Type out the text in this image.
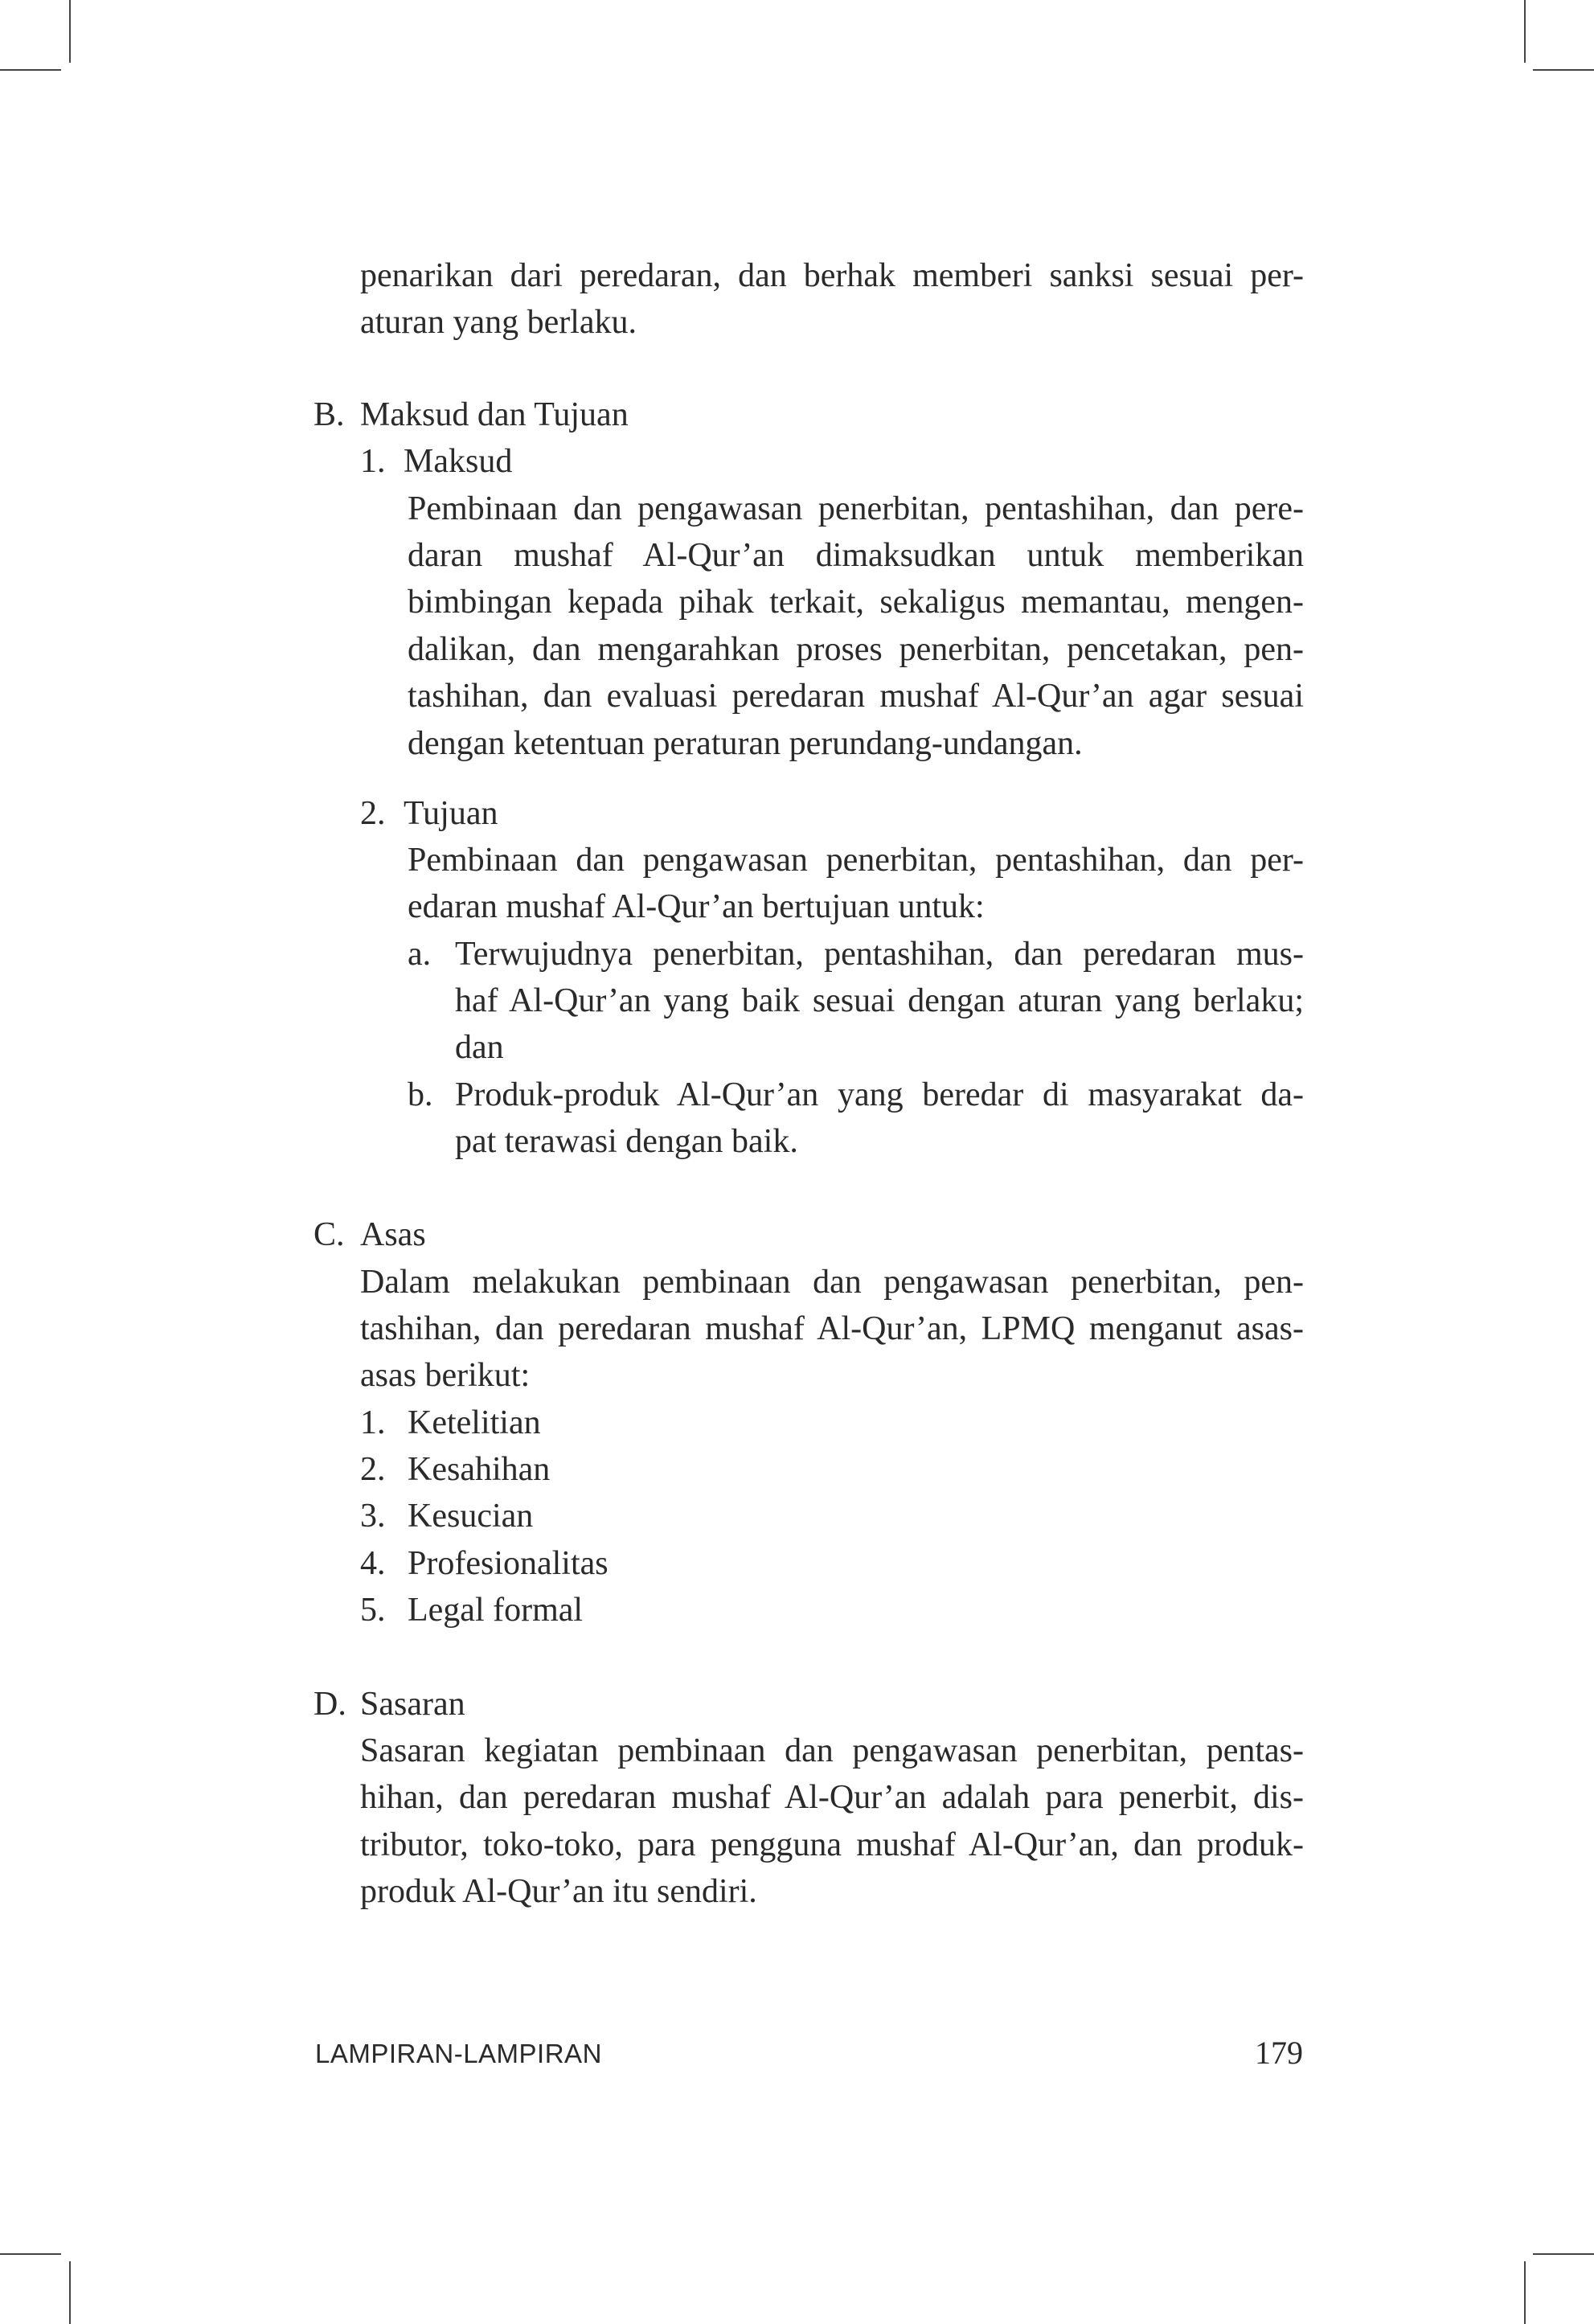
penarikan dari peredaran, dan berhak memberi sanksi sesuai per-
aturan yang berlaku.
B. Maksud dan Tujuan
1. Maksud
Pembinaan dan pengawasan penerbitan, pentashihan, dan pere-
daran mushaf Al-Qur’an dimaksudkan untuk memberikan
bimbingan kepada pihak terkait, sekaligus memantau, mengen-
dalikan, dan mengarahkan proses penerbitan, pencetakan, pen-
tashihan, dan evaluasi peredaran mushaf Al-Qur’an agar sesuai
dengan ketentuan peraturan perundang-undangan.
2. Tujuan
Pembinaan dan pengawasan penerbitan, pentashihan, dan per-
edaran mushaf Al-Qur’an bertujuan untuk:
a. Terwujudnya penerbitan, pentashihan, dan peredaran mus-
haf Al-Qur’an yang baik sesuai dengan aturan yang berlaku;
dan
b. Produk-produk Al-Qur’an yang beredar di masyarakat da-
pat terawasi dengan baik.
C. Asas
Dalam melakukan pembinaan dan pengawasan penerbitan, pen-
tashihan, dan peredaran mushaf Al-Qur’an, LPMQ menganut asas-
asas berikut:
1. Ketelitian
2. Kesahihan
3. Kesucian
4. Profesionalitas
5. Legal formal
D. Sasaran
Sasaran kegiatan pembinaan dan pengawasan penerbitan, pentas-
hihan, dan peredaran mushaf Al-Qur’an adalah para penerbit, dis-
tributor, toko-toko, para pengguna mushaf Al-Qur’an, dan produk-
produk Al-Qur’an itu sendiri.
LAMPIRAN-LAMPIRAN	179
